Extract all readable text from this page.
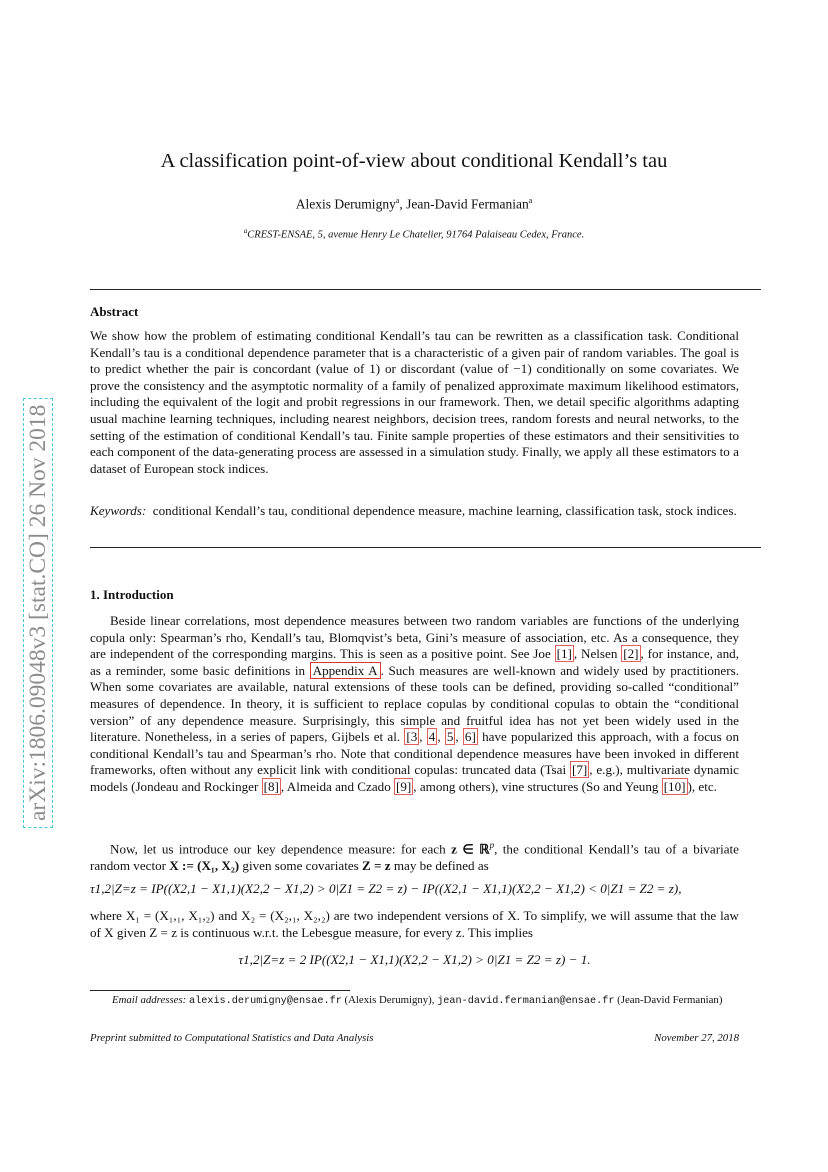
arXiv:1806.09048v3 [stat.CO] 26 Nov 2018
A classification point-of-view about conditional Kendall’s tau
Alexis Derumigny$^a$, Jean-David Fermanian$^a$
$^a$CREST-ENSAE, 5, avenue Henry Le Chatelier, 91764 Palaiseau Cedex, France.
Abstract

We show how the problem of estimating conditional Kendall’s tau can be rewritten as a classification task. Conditional Kendall’s tau is a conditional dependence parameter that is a characteristic of a given pair of random variables. The goal is to predict whether the pair is concordant (value of 1) or discordant (value of −1) conditionally on some covariates. We prove the consistency and the asymptotic normality of a family of penalized approximate maximum likelihood estimators, including the equivalent of the logit and probit regressions in our framework. Then, we detail specific algorithms adapting usual machine learning techniques, including nearest neighbors, decision trees, random forests and neural networks, to the setting of the estimation of conditional Kendall’s tau. Finite sample properties of these estimators and their sensitivities to each component of the data-generating process are assessed in a simulation study. Finally, we apply all these estimators to a dataset of European stock indices.

Keywords: conditional Kendall’s tau, conditional dependence measure, machine learning, classification task, stock indices.

1. Introduction

Beside linear correlations, most dependence measures between two random variables are functions of the underlying copula only: Spearman’s rho, Kendall’s tau, Blomqvist’s beta, Gini’s measure of association, etc. As a consequence, they are independent of the corresponding margins. This is seen as a positive point. See Joe [1] , Nelsen [2] , for instance, and, as a reminder, some basic definitions in Appendix A . Such measures are well-known and widely used by practitioners. When some covariates are available, natural extensions of these tools can be defined, providing so-called “conditional” measures of dependence. In theory, it is sufficient to replace copulas by conditional copulas to obtain the “conditional version” of any dependence measure. Surprisingly, this simple and fruitful idea has not yet been widely used in the literature. Nonetheless, in a series of papers, Gijbels et al. [3 , 4 , 5 , 6] have popularized this approach, with a focus on conditional Kendall’s tau and Spearman’s rho. Note that conditional dependence measures have been invoked in different frameworks, often without any explicit link with conditional copulas: truncated data (Tsai [7] , e.g.), multivariate dynamic models (Jondeau and Rockinger [8] , Almeida and Czado [9] , among others), vine structures (So and Yeung [10] ), etc.

Now, let us introduce our key dependence measure: for each z ∈ ℝ$^p$, the conditional Kendall’s tau of a bivariate random vector X := (X₁, X₂) given some covariates Z = z may be defined as

τ1,2|Z=z = IP((X2,1 − X1,1)(X2,2 − X1,2) > 0|Z1 = Z2 = z) − IP((X2,1 − X1,1)(X2,2 − X1,2) < 0|Z1 = Z2 = z),

where X₁ = (X₁,₁, X₁,₂) and X₂ = (X₂,₁, X₂,₂) are two independent versions of X. To simplify, we will assume that the law of X given Z = z is continuous w.r.t. the Lebesgue measure, for every z. This implies

τ1,2|Z=z = 2 IP((X2,1 − X1,1)(X2,2 − X1,2) > 0|Z1 = Z2 = z) − 1.
Email addresses: alexis.derumigny@ensae.fr (Alexis Derumigny), jean-david.fermanian@ensae.fr (Jean-David Fermanian)
Preprint submitted to Computational Statistics and Data Analysis	November 27, 2018
